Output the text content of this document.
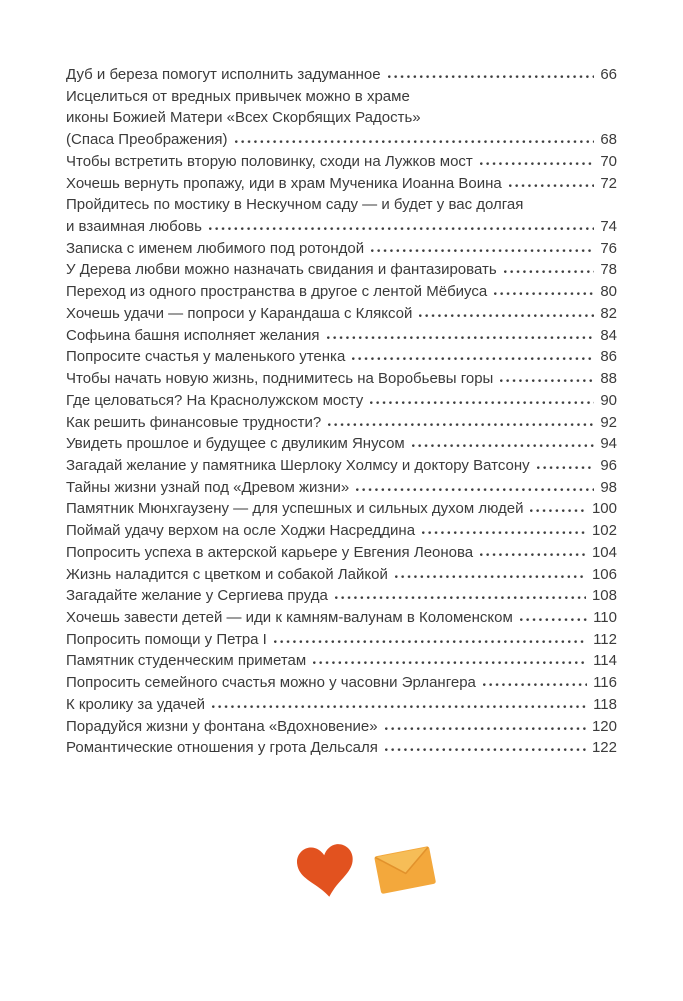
Дуб и береза помогут исполнить задуманное	66
Исцелиться от вредных привычек можно в храме
иконы Божией Матери «Всех Скорбящих Радость»
(Спаса Преображения)	68
Чтобы встретить вторую половинку, сходи на Лужков мост	70
Хочешь вернуть пропажу, иди в храм Мученика Иоанна Воина	72
Пройдитесь по мостику в Нескучном саду — и будет у вас долгая
и взаимная любовь	74
Записка с именем любимого под ротондой	76
У Дерева любви можно назначать свидания и фантазировать	78
Переход из одного пространства в другое с лентой Мёбиуса	80
Хочешь удачи — попроси у Карандаша с Кляксой	82
Софьина башня исполняет желания	84
Попросите счастья у маленького утенка	86
Чтобы начать новую жизнь, поднимитесь на Воробьевы горы	88
Где целоваться? На Краснолужском мосту	90
Как решить финансовые трудности?	92
Увидеть прошлое и будущее с двуликим Янусом	94
Загадай желание у памятника Шерлоку Холмсу и доктору Ватсону	96
Тайны жизни узнай под «Древом жизни»	98
Памятник Мюнхгаузену — для успешных и сильных духом людей	100
Поймай удачу верхом на осле Ходжи Насреддина	102
Попросить успеха в актерской карьере у Евгения Леонова	104
Жизнь наладится с цветком и собакой Лайкой	106
Загадайте желание у Сергиева пруда	108
Хочешь завести детей — иди к камням-валунам в Коломенском	110
Попросить помощи у Петра I	112
Памятник студенческим приметам	114
Попросить семейного счастья можно у часовни Эрлангера	116
К кролику за удачей	118
Порадуйся жизни у фонтана «Вдохновение»	120
Романтические отношения у грота Дельсаля	122
